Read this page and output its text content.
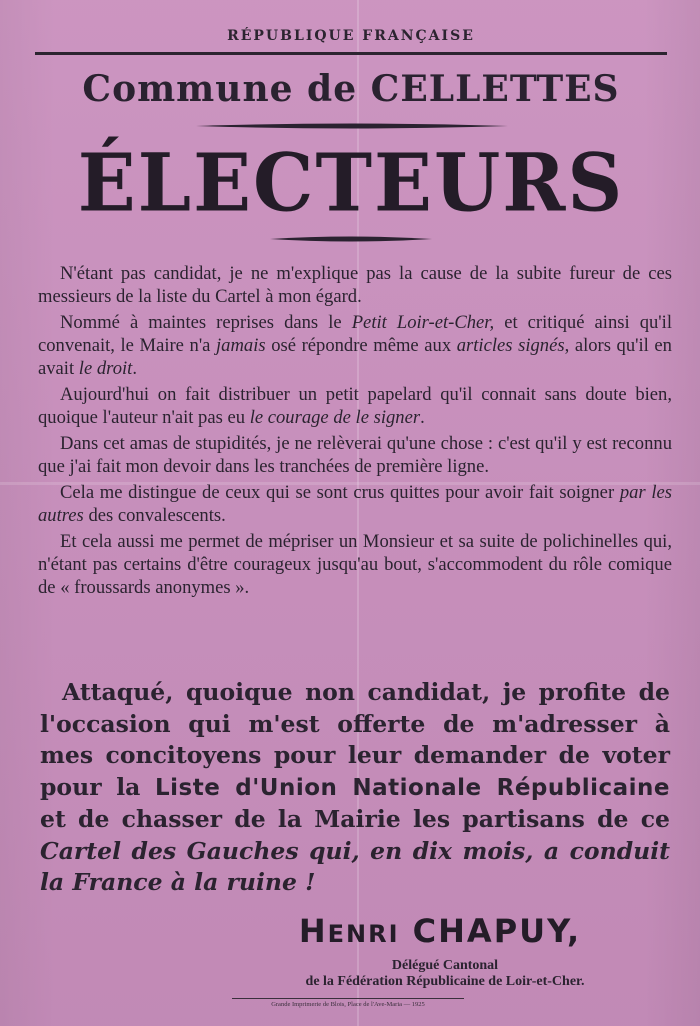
RÉPUBLIQUE FRANÇAISE
Commune de CELLETTES
ÉLECTEURS

N'étant pas candidat, je ne m'explique pas la cause de la subite fureur de ces messieurs de la liste du Cartel à mon égard.

Nommé à maintes reprises dans le Petit Loir-et-Cher, et critiqué ainsi qu'il convenait, le Maire n'a jamais osé répondre même aux articles signés, alors qu'il en avait le droit.

Aujourd'hui on fait distribuer un petit papelard qu'il connait sans doute bien, quoique l'auteur n'ait pas eu le courage de le signer.

Dans cet amas de stupidités, je ne relèverai qu'une chose : c'est qu'il y est reconnu que j'ai fait mon devoir dans les tranchées de première ligne.

Cela me distingue de ceux qui se sont crus quittes pour avoir fait soigner par les autres des convalescents.

Et cela aussi me permet de mépriser un Monsieur et sa suite de polichinelles qui, n'étant pas certains d'être courageux jusqu'au bout, s'accommodent du rôle comique de « froussards anonymes ».

Attaqué, quoique non candidat, je profite de l'occasion qui m'est offerte de m'adresser à mes concitoyens pour leur demander de voter pour la Liste d'Union Nationale Républicaine et de chasser de la Mairie les partisans de ce Cartel des Gauches qui, en dix mois, a conduit la France à la ruine !
HENRI CHAPUY,
Délégué Cantonal
de la Fédération Républicaine de Loir-et-Cher.
Grande Imprimerie de Blois, Place de l'Ave-Maria — 1925
